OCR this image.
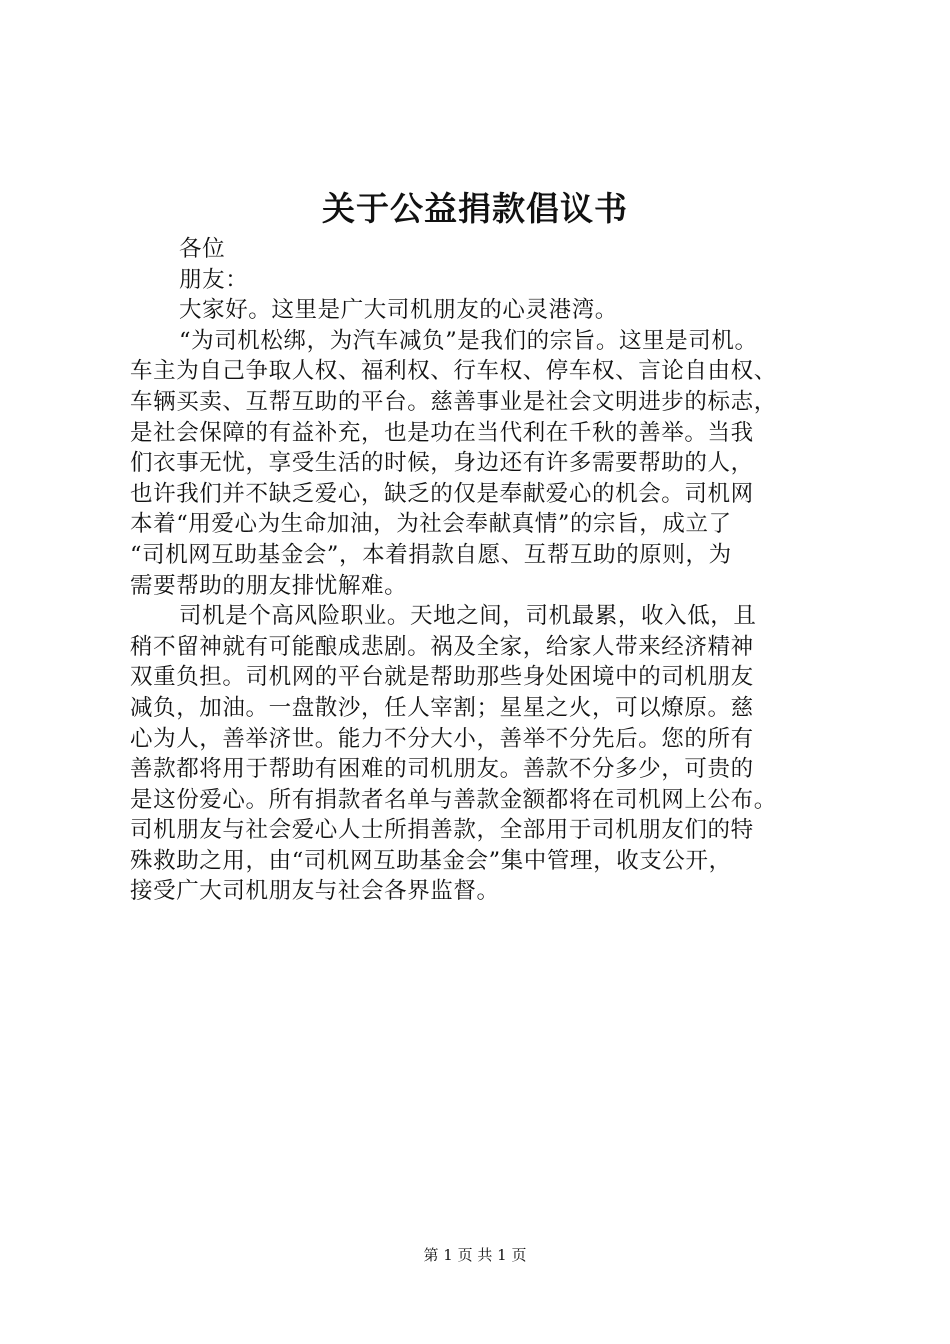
关于公益捐款倡议书
各位
朋友：
大家好。这里是广大司机朋友的心灵港湾。
“为司机松绑，为汽车减负”是我们的宗旨。这里是司机。
车主为自己争取人权、福利权、行车权、停车权、言论自由权、
车辆买卖、互帮互助的平台。慈善事业是社会文明进步的标志，
是社会保障的有益补充，也是功在当代利在千秋的善举。当我
们衣事无忧，享受生活的时候，身边还有许多需要帮助的人，
也许我们并不缺乏爱心，缺乏的仅是奉献爱心的机会。司机网
本着“用爱心为生命加油，为社会奉献真情”的宗旨，成立了
“司机网互助基金会”，本着捐款自愿、互帮互助的原则，为
需要帮助的朋友排忧解难。
司机是个高风险职业。天地之间，司机最累，收入低，且
稍不留神就有可能酿成悲剧。祸及全家，给家人带来经济精神
双重负担。司机网的平台就是帮助那些身处困境中的司机朋友
减负，加油。一盘散沙，任人宰割；星星之火，可以燎原。慈
心为人，善举济世。能力不分大小，善举不分先后。您的所有
善款都将用于帮助有困难的司机朋友。善款不分多少，可贵的
是这份爱心。所有捐款者名单与善款金额都将在司机网上公布。
司机朋友与社会爱心人士所捐善款，全部用于司机朋友们的特
殊救助之用，由“司机网互助基金会”集中管理，收支公开，
接受广大司机朋友与社会各界监督。
第 1 页 共 1 页
